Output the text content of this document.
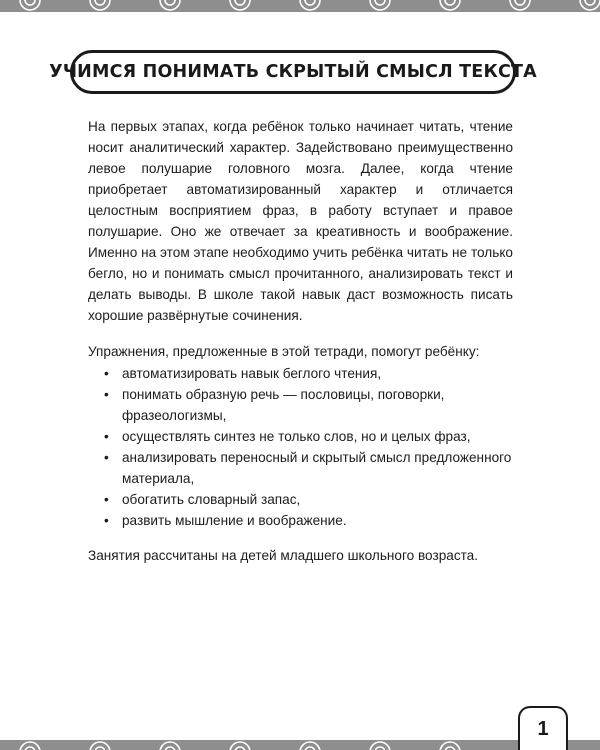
УЧИМСЯ ПОНИМАТЬ СКРЫТЫЙ СМЫСЛ ТЕКСТА

На первых этапах, когда ребёнок только начинает читать, чтение носит аналитический характер. Задействовано преимущественно левое полушарие головного мозга. Далее, когда чтение приобретает автоматизированный характер и отличается целостным восприятием фраз, в работу вступает и правое полушарие. Оно же отвечает за креативность и воображение. Именно на этом этапе необходимо учить ребёнка читать не только бегло, но и понимать смысл прочитанного, анализировать текст и делать выводы. В школе такой навык даст возможность писать хорошие развёрнутые сочинения.

Упражнения, предложенные в этой тетради, помогут ребёнку:

• автоматизировать навык беглого чтения,
• понимать образную речь — пословицы, поговорки, фразеологизмы,
• осуществлять синтез не только слов, но и целых фраз,
• анализировать переносный и скрытый смысл предложенного материала,
• обогатить словарный запас,
• развить мышление и воображение.

Занятия рассчитаны на детей младшего школьного возраста.

1
